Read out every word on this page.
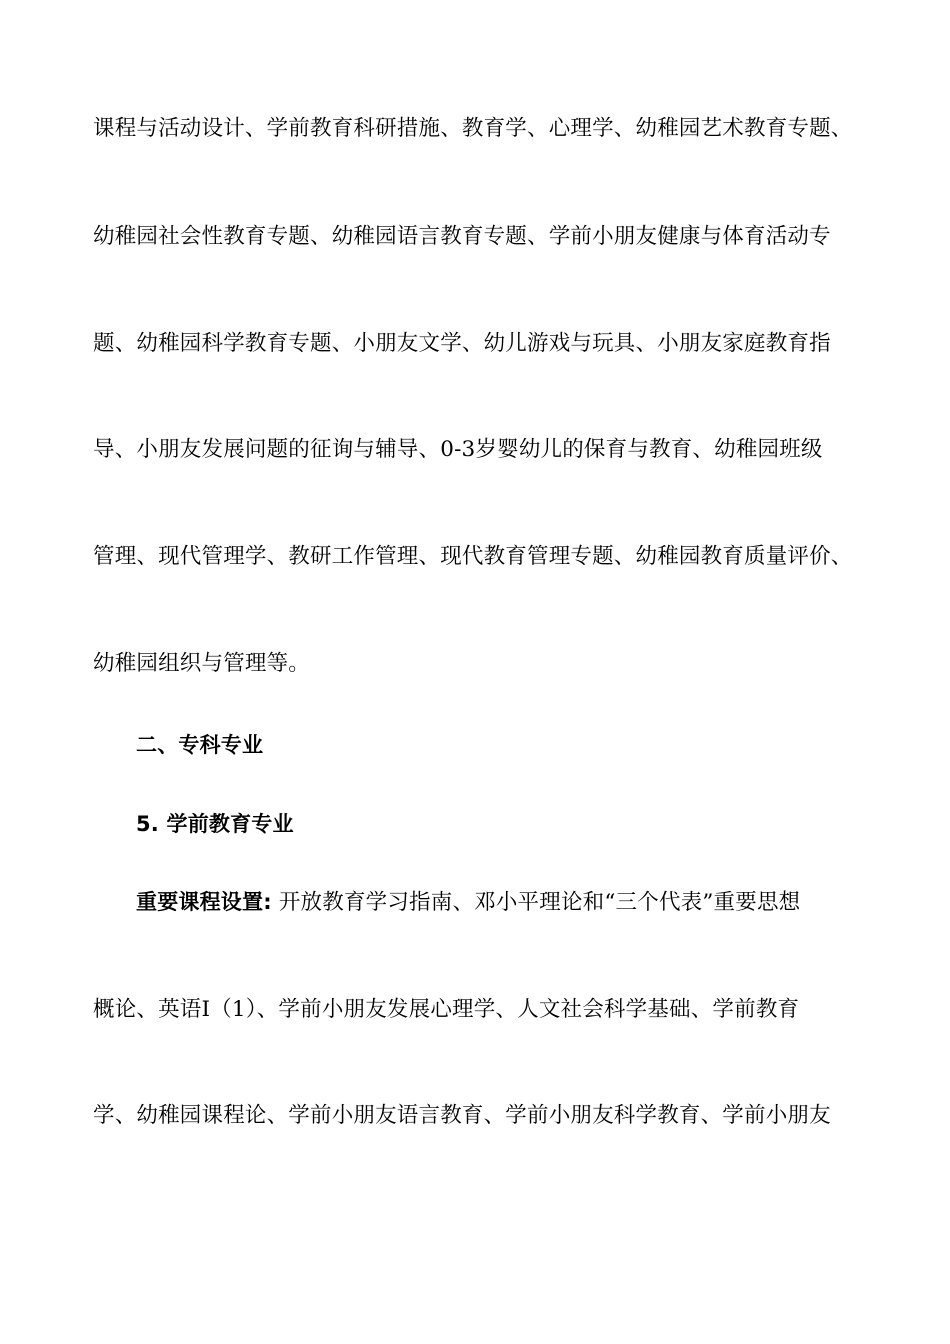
课程与活动设计、学前教育科研措施、教育学、心理学、幼稚园艺术教育专题、
幼稚园社会性教育专题、幼稚园语言教育专题、学前小朋友健康与体育活动专
题、幼稚园科学教育专题、小朋友文学、幼儿游戏与玩具、小朋友家庭教育指
导、小朋友发展问题的征询与辅导、0-3岁婴幼儿的保育与教育、幼稚园班级
管理、现代管理学、教研工作管理、现代教育管理专题、幼稚园教育质量评价、
幼稚园组织与管理等。
二、专科专业
5. 学前教育专业
重要课程设置: 开放教育学习指南、邓小平理论和“三个代表”重要思想
概论、英语Ⅰ（1）、学前小朋友发展心理学、人文社会科学基础、学前教育
学、幼稚园课程论、学前小朋友语言教育、学前小朋友科学教育、学前小朋友
